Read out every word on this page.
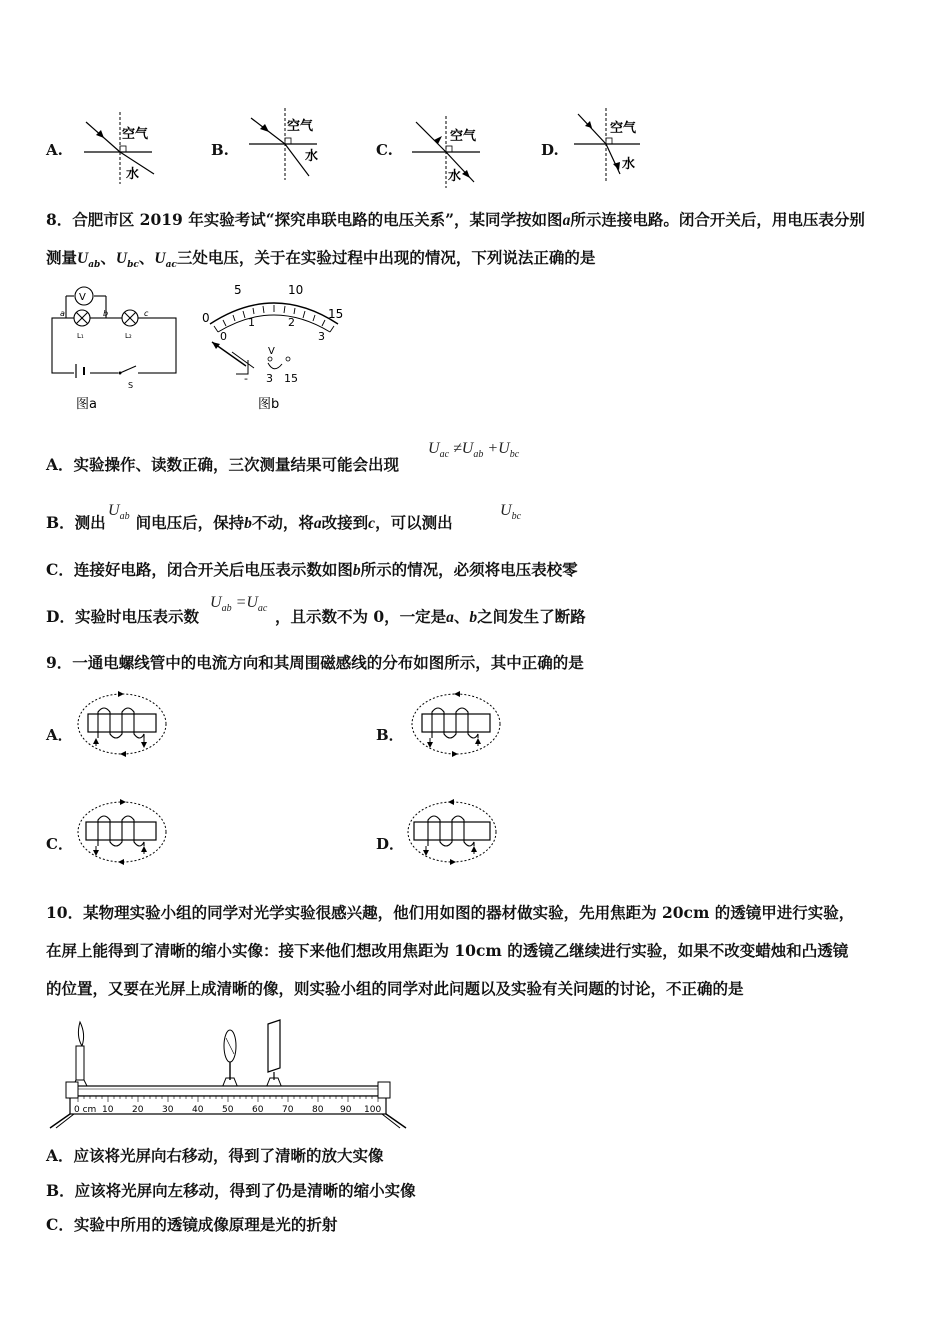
A.
空气
水
B.
空气
水	C.
空气
水
D.
空气
水
8．合肥市区 2019 年实验考试“探究串联电路的电压关系”，某同学按如图a所示连接电路。闭合开关后，用电压表分别
测量$U_{ab}$、$U_{bc}$、$U_{ac}$三处电压，关于在实验过程中出现的情况，下列说法正确的是
V
a	b	c
L₁	L₂
S
图a
0
5	10
15
0
1	2
3
V
- 3 15
图b
A．实验操作、读数正确，三次测量结果可能会出现
$U_{ac} \ne U_{ab} +U_{bc}$
B．测出 间电压后，保持b不动，将a改接到c，可以测出
$U_{ab}$	$U_{bc}$
C．连接好电路，闭合开关后电压表示数如图b所示的情况，必须将电压表校零
D．实验时电压表示数	，且示数不为 0，一定是a、b之间发生了断路
$U_{ab} =U_{ac}$
9．一通电螺线管中的电流方向和其周围磁感线的分布如图所示，其中正确的是
A．	B．
C．	D．
10．某物理实验小组的同学对光学实验很感兴趣，他们用如图的器材做实验，先用焦距为 20cm 的透镜甲进行实验，
在屏上能得到了清晰的缩小实像：接下来他们想改用焦距为 10cm 的透镜乙继续进行实验，如果不改变蜡烛和凸透镜
的位置，又要在光屏上成清晰的像，则实验小组的同学对此问题以及实验有关问题的讨论，不正确的是
0 cm 10 20 30 40 50 60 70 80 90 100
A．应该将光屏向右移动，得到了清晰的放大实像
B．应该将光屏向左移动，得到了仍是清晰的缩小实像
C．实验中所用的透镜成像原理是光的折射
